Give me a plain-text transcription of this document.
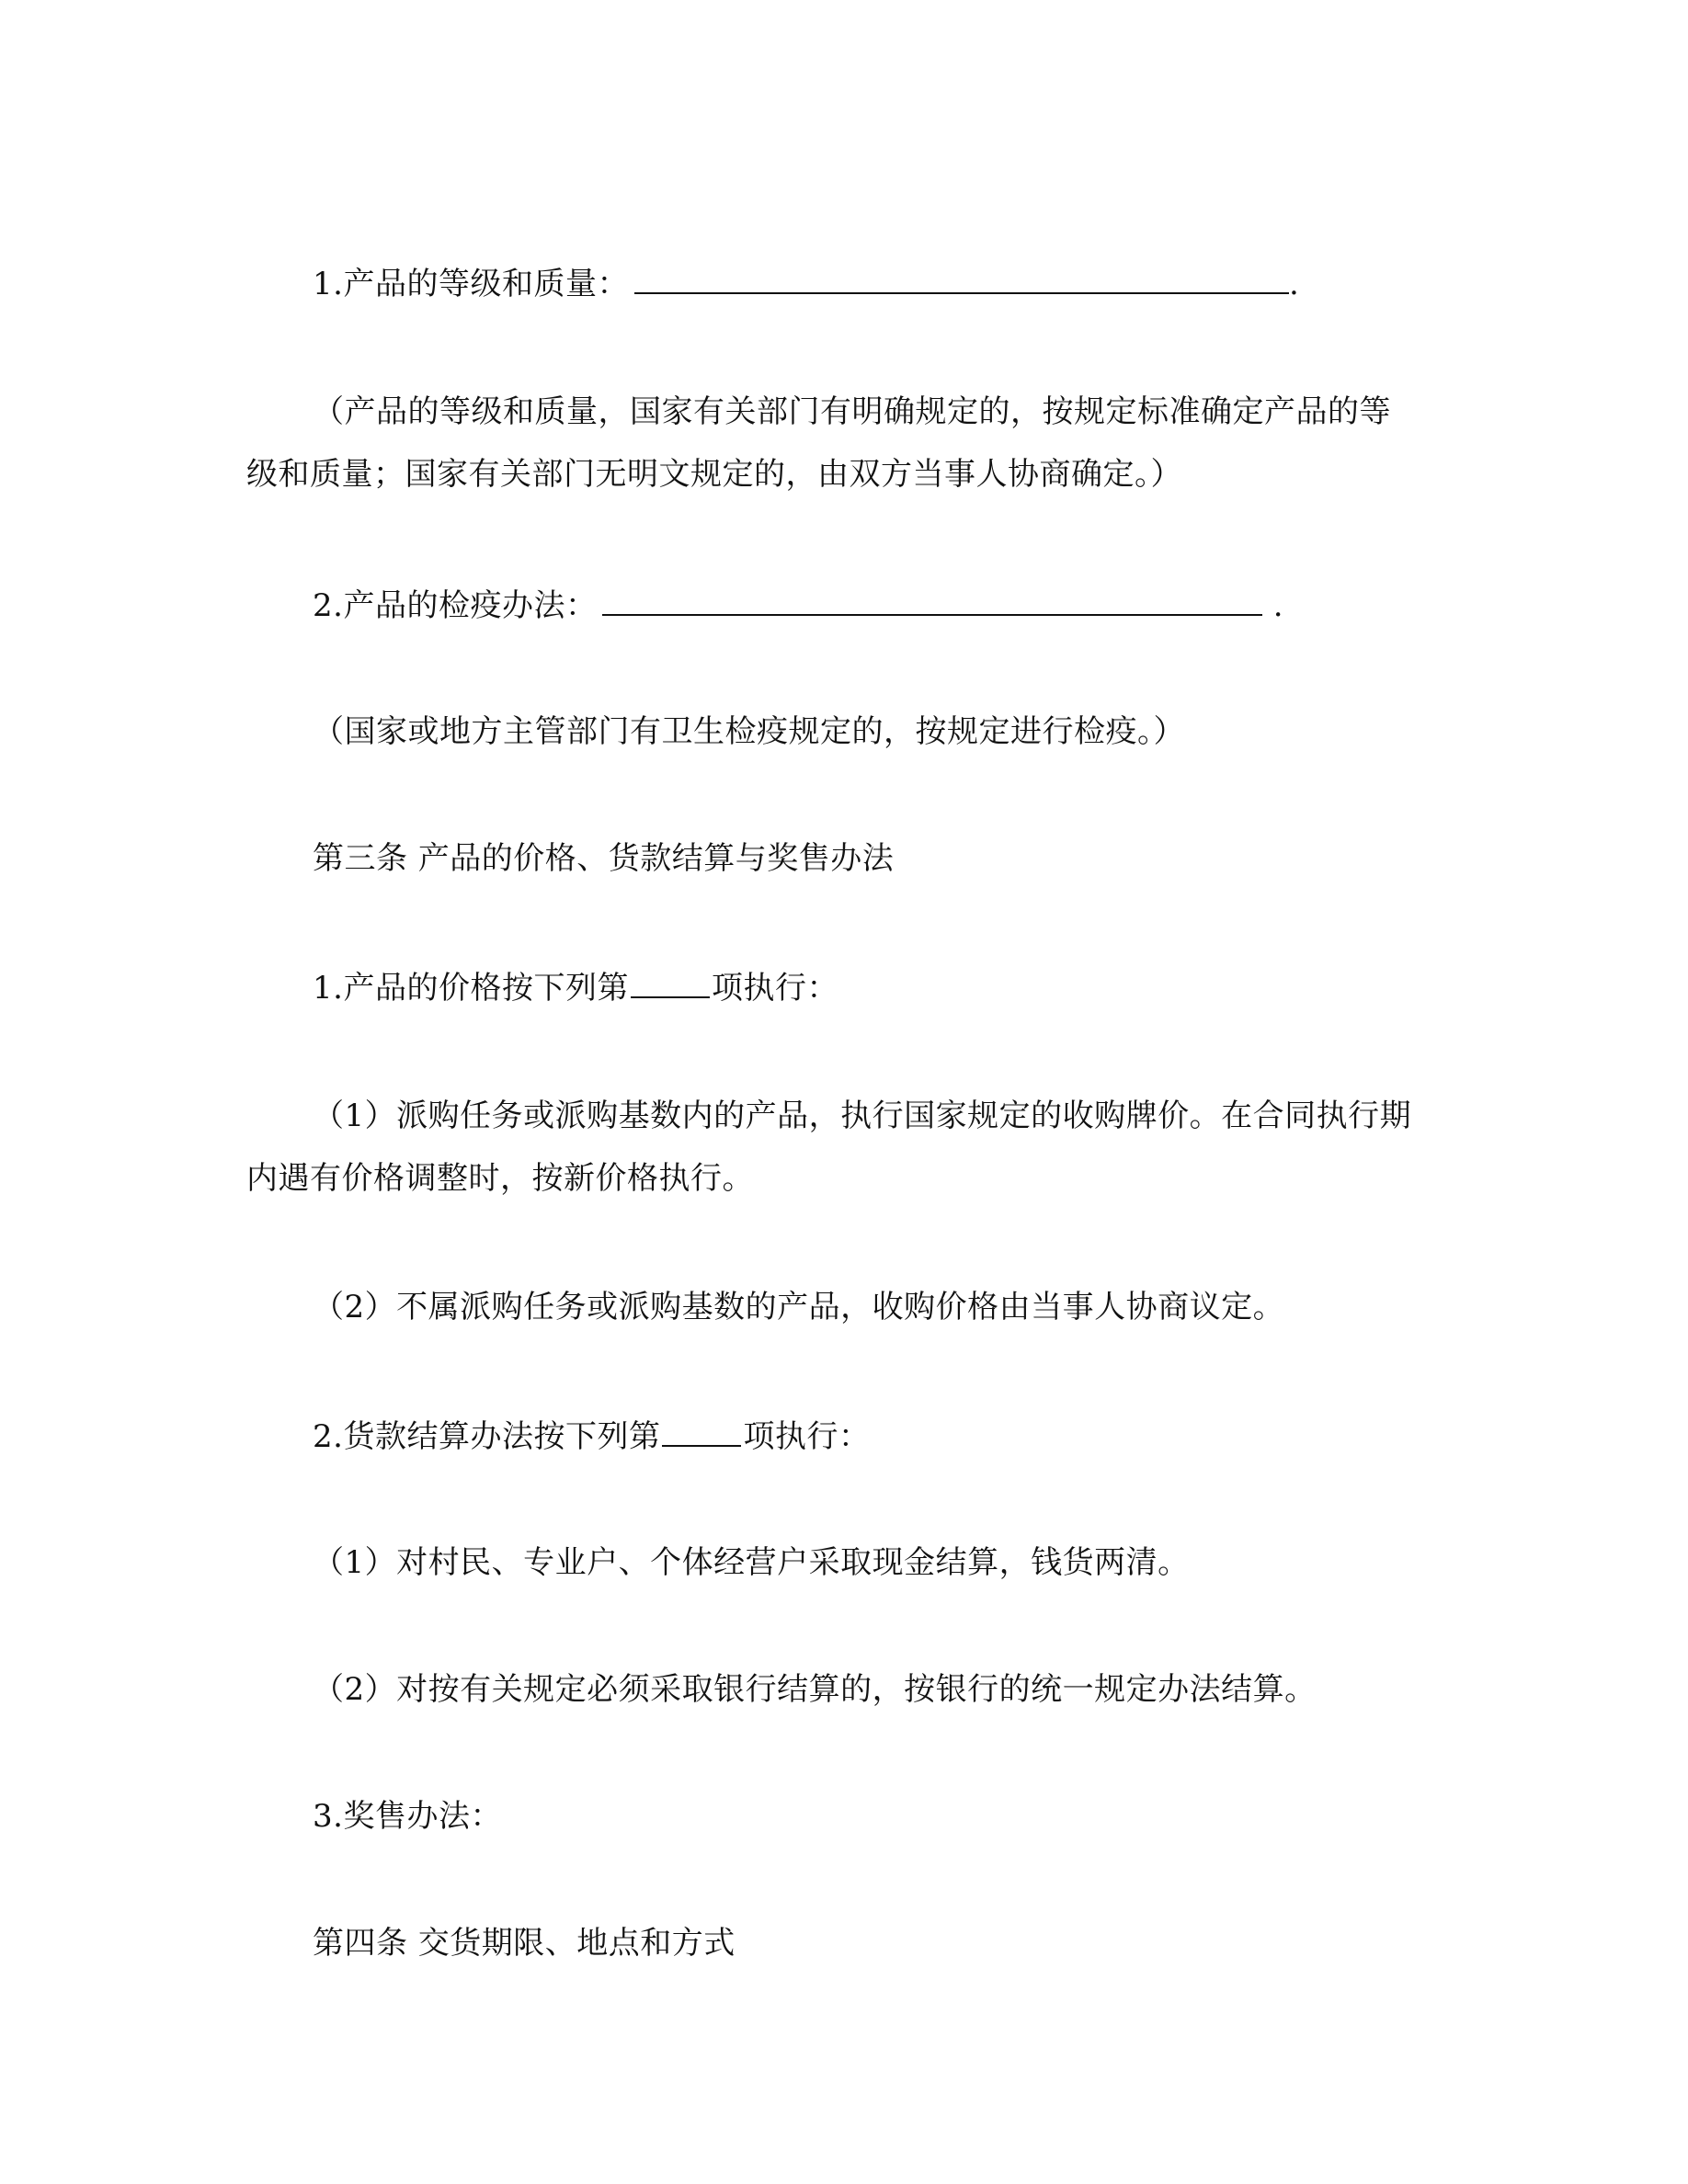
1.产品的等级和质量：	.
（产品的等级和质量，国家有关部门有明确规定的，按规定标准确定产品的等
级和质量；国家有关部门无明文规定的，由双方当事人协商确定。）
2.产品的检疫办法：	.
（国家或地方主管部门有卫生检疫规定的，按规定进行检疫。）
第三条 产品的价格、货款结算与奖售办法
1.产品的价格按下列第	项执行：
（1）派购任务或派购基数内的产品，执行国家规定的收购牌价。在合同执行期
内遇有价格调整时，按新价格执行。
（2）不属派购任务或派购基数的产品，收购价格由当事人协商议定。
2.货款结算办法按下列第	项执行：
（1）对村民、专业户、个体经营户采取现金结算，钱货两清。
（2）对按有关规定必须采取银行结算的，按银行的统一规定办法结算。
3.奖售办法：
第四条 交货期限、地点和方式
